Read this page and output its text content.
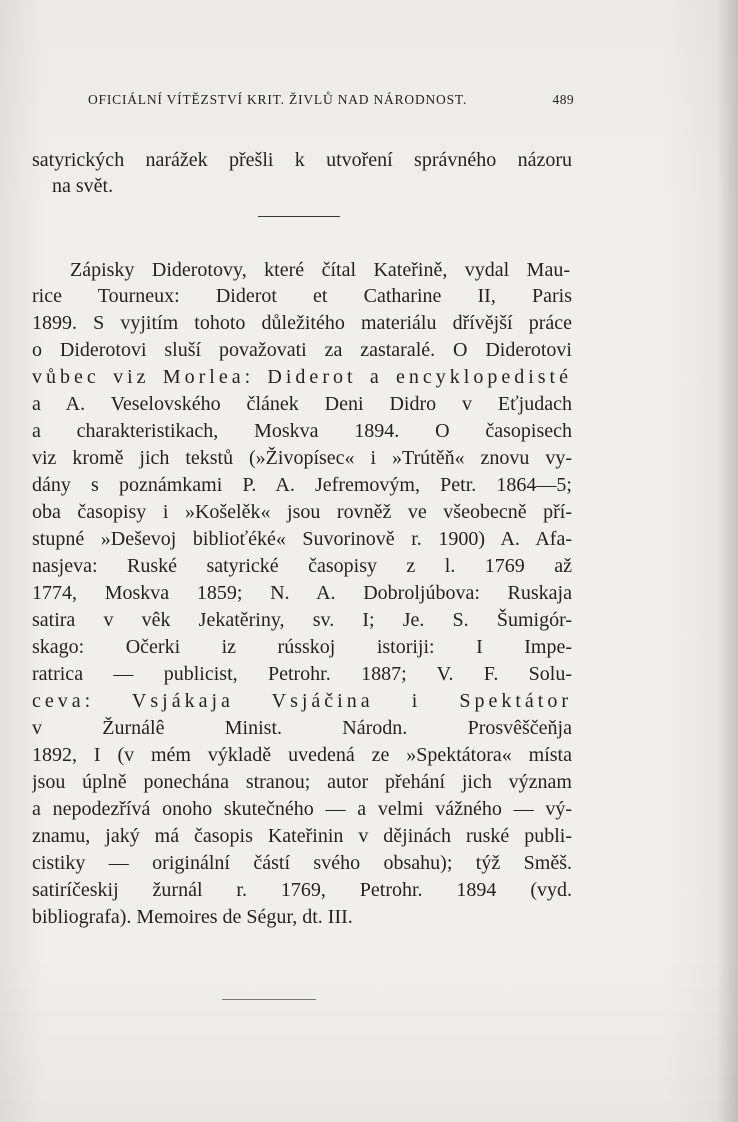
OFICIÁLNÍ VÍTĚZSTVÍ KRIT. ŽIVLŮ NAD NÁRODNOST.	489
satyrických narážek přešli k utvoření správného názoru
na svět.
Zápisky Diderotovy, které čítal Kateřině, vydal Mau-
rice Tourneux: Diderot et Catharine II, Paris
1899. S vyjitím tohoto důležitého materiálu dřívější práce
o Diderotovi sluší považovati za zastaralé. O Diderotovi
vůbec viz Morlea: Diderot a encyklopedisté
a A. Veselovského článek Deni Didro v Eťjudach
a charakteristikach, Moskva 1894. O časopisech
viz kromě jich tekstů (»Živopísec« i »Trútěň« znovu vy-
dány s poznámkami P. A. Jefremovým, Petr. 1864—5;
oba časopisy i »Košelěk« jsou rovněž ve všeobecně pří-
stupné »Deševoj biblioťéké« Suvorinově r. 1900) A. Afa-
nasjeva: Ruské satyrické časopisy z l. 1769 až
1774, Moskva 1859; N. A. Dobroljúbova: Ruskaja
satira v vêk Jekatěriny, sv. I; Je. S. Šumigór-
skago: Očerki iz rússkoj istoriji: I Impe-
ratrica — publicist, Petrohr. 1887; V. F. Solu-
ceva: Vsjákaja Vsjáčina i Spektátor
v Žurnálê Minist. Národn. Prosvêščeňja
1892, I (v mém výkladě uvedená ze »Spektátora« místa
jsou úplně ponechána stranou; autor přehání jich význam
a nepodezřívá onoho skutečného — a velmi vážného — vý-
znamu, jaký má časopis Kateřinin v dějinách ruské publi-
cistiky — originální částí svého obsahu); týž Směš.
satiríčeskij žurnál r. 1769, Petrohr. 1894 (vyd.
bibliografa). Memoires de Ségur, dt. III.
